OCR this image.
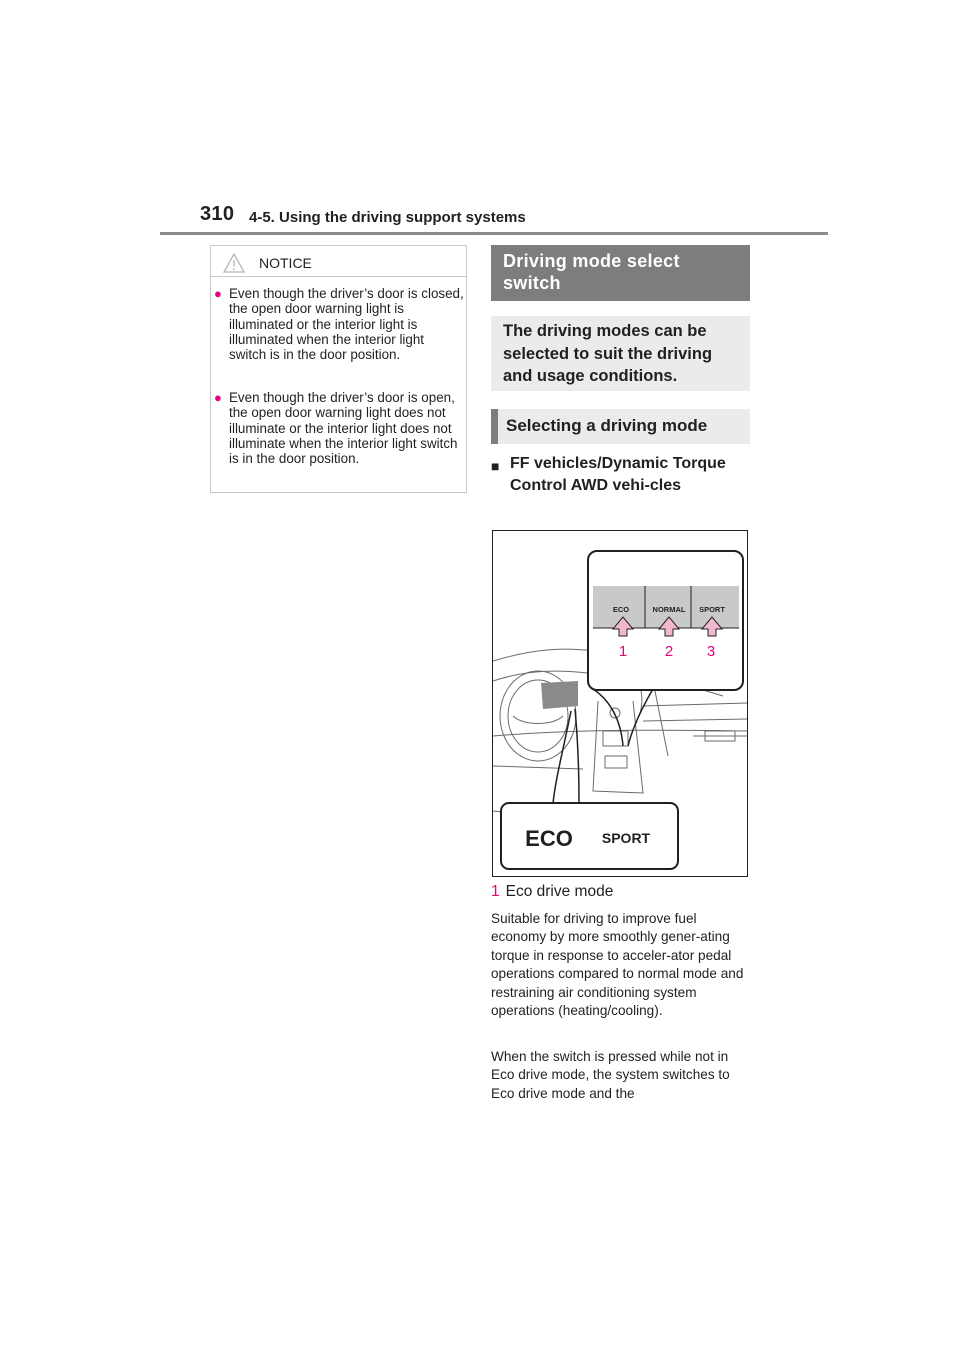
310 4-5. Using the driving support systems
NOTICE
● Even though the driver’s door is closed, the open door warning light is illuminated or the interior light is illuminated when the interior light switch is in the door position.
● Even though the driver’s door is open, the open door warning light does not illuminate or the interior light does not illuminate when the interior light switch is in the door position.
Driving mode select switch
The driving modes can be selected to suit the driving and usage conditions.
Selecting a driving mode
■ FF vehicles/Dynamic Torque Control AWD vehi-cles
ECO	NORMAL SPORT
1	2 3
ECO SPORT
1 Eco drive mode
Suitable for driving to improve fuel economy by more smoothly gener-ating torque in response to acceler-ator pedal operations compared to normal mode and restraining air conditioning system operations (heating/cooling).
When the switch is pressed while not in Eco drive mode, the system switches to Eco drive mode and the
